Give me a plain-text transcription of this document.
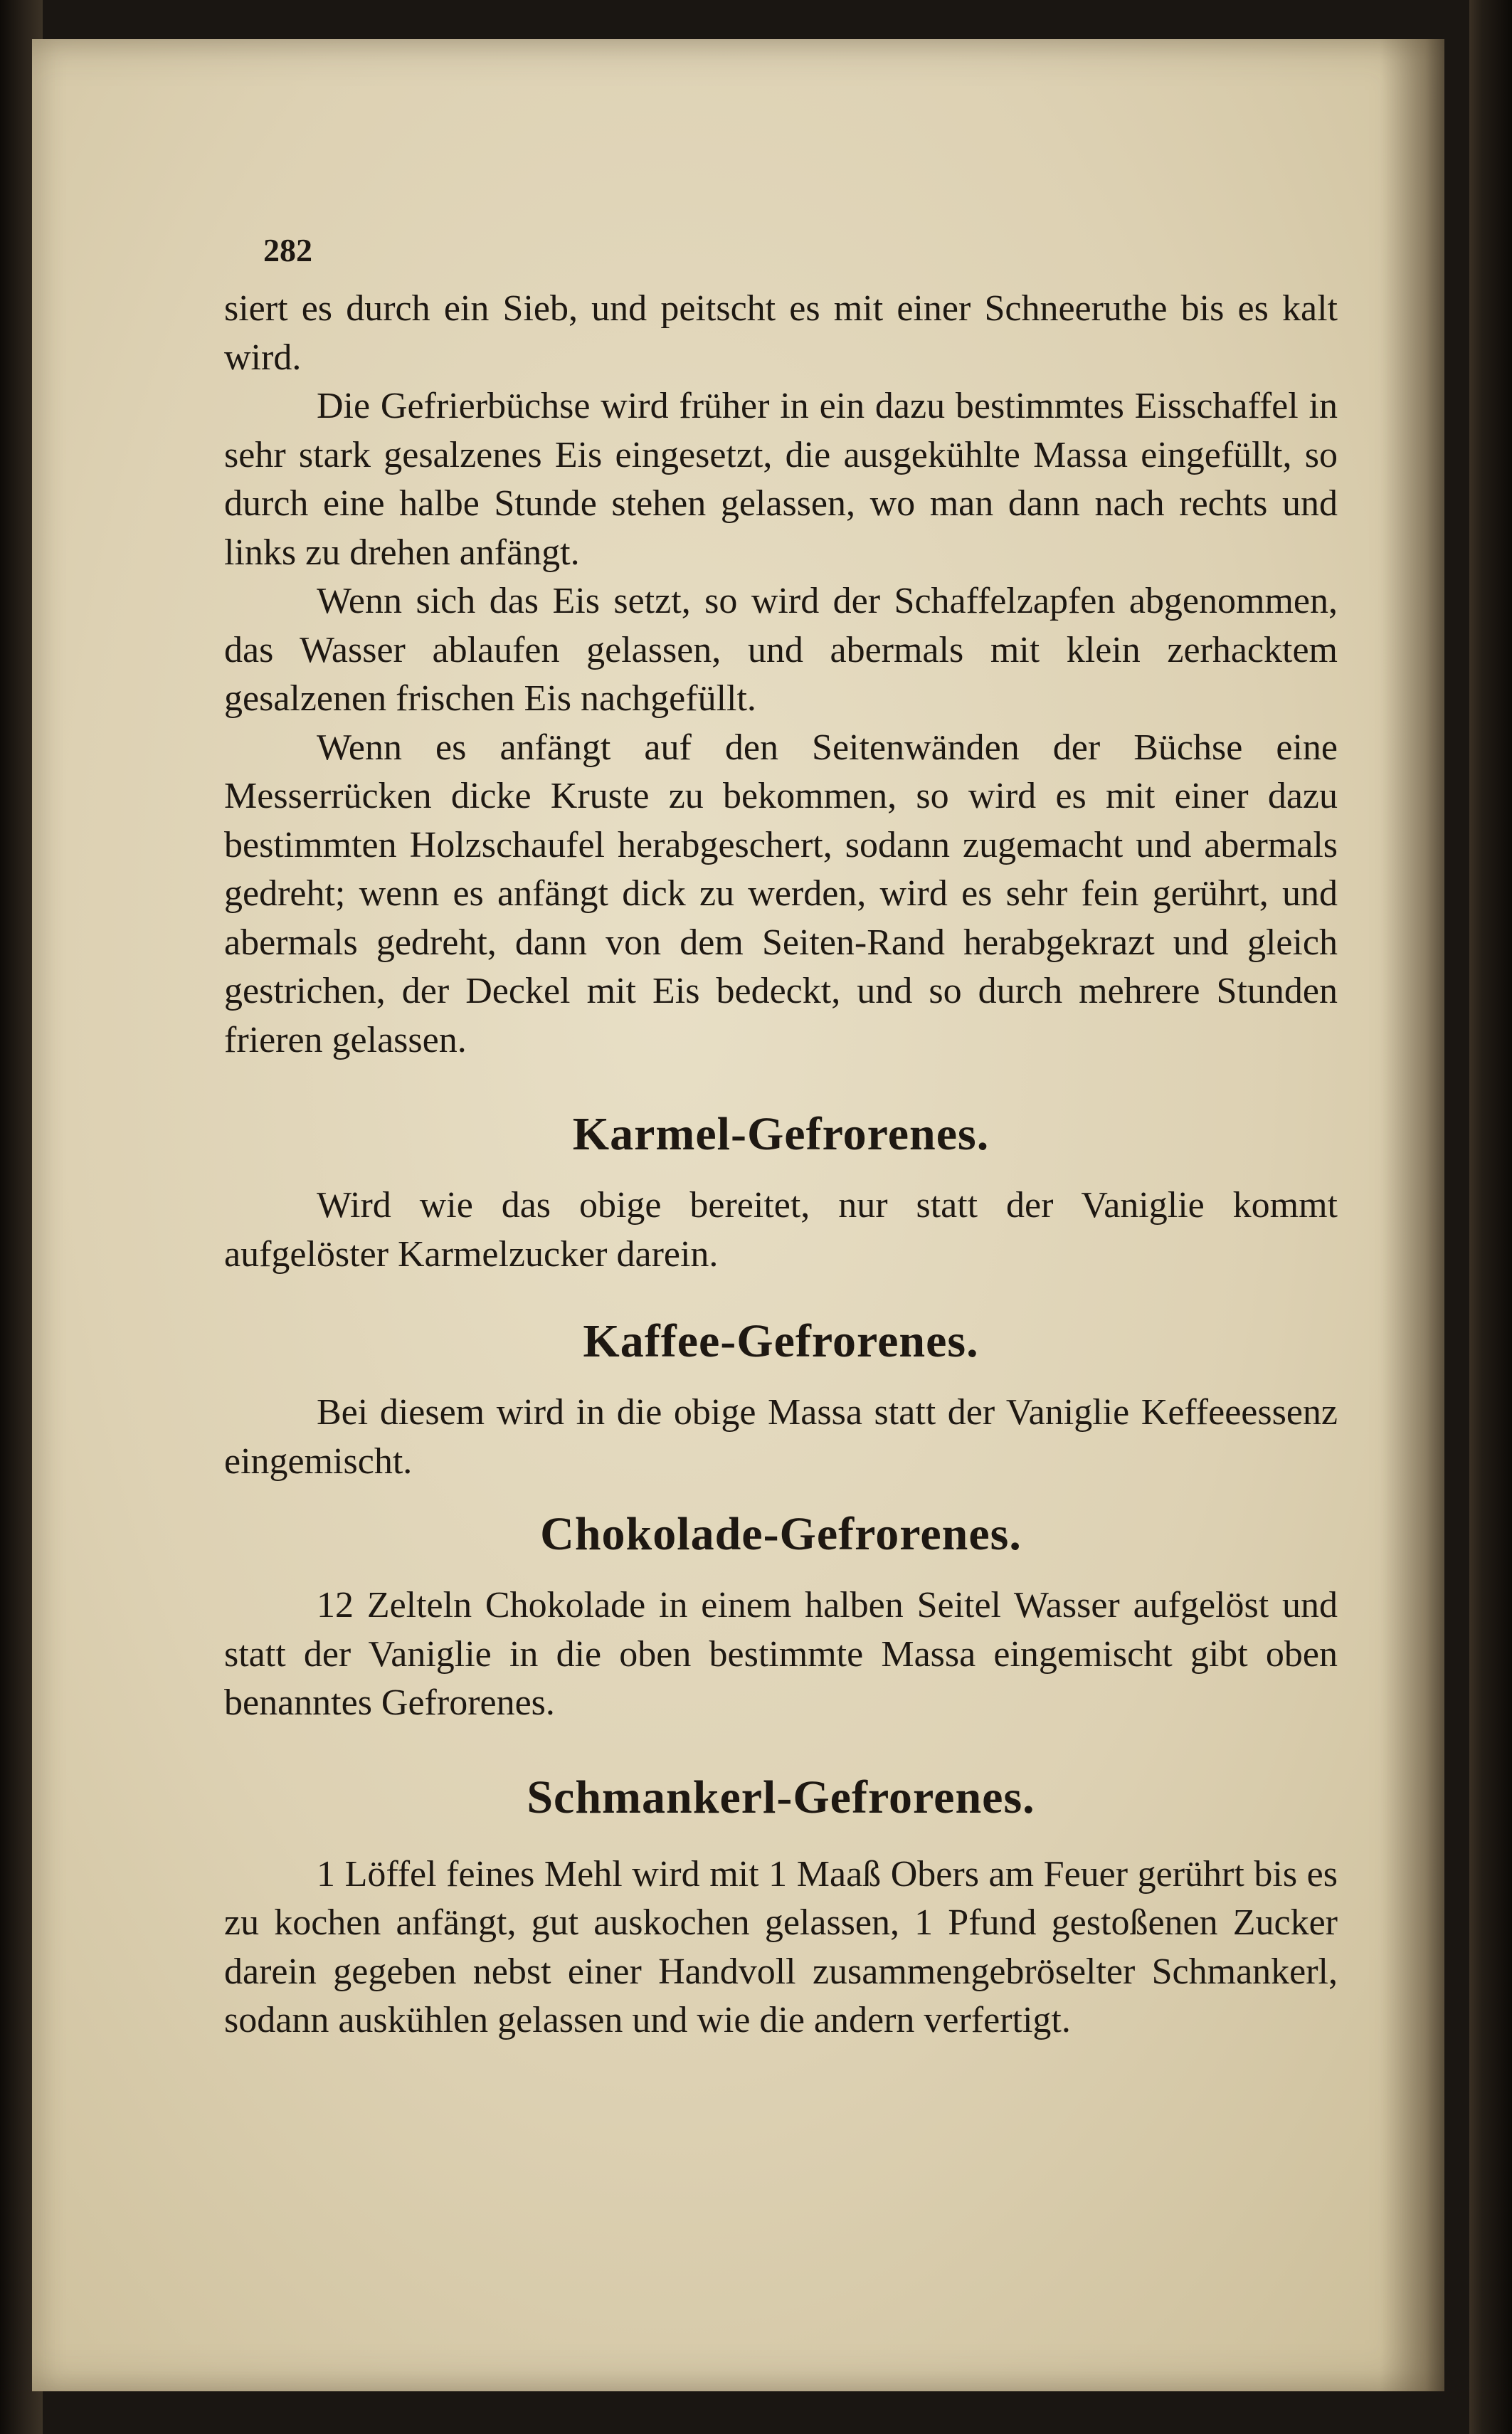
282

siert es durch ein Sieb, und peitscht es mit einer Schneeruthe bis es kalt wird.

Die Gefrierbüchse wird früher in ein dazu bestimmtes Eisschaffel in sehr stark gesalzenes Eis eingesetzt, die ausgekühlte Massa eingefüllt, so durch eine halbe Stunde stehen gelassen, wo man dann nach rechts und links zu drehen anfängt.

Wenn sich das Eis setzt, so wird der Schaffelzapfen abgenommen, das Wasser ablaufen gelassen, und abermals mit klein zerhacktem gesalzenen frischen Eis nachgefüllt.

Wenn es anfängt auf den Seitenwänden der Büchse eine Messerrücken dicke Kruste zu bekommen, so wird es mit einer dazu bestimmten Holzschaufel herabgeschert, sodann zugemacht und abermals gedreht; wenn es anfängt dick zu werden, wird es sehr fein gerührt, und abermals gedreht, dann von dem Seiten-Rand herabgekrazt und gleich gestrichen, der Deckel mit Eis bedeckt, und so durch mehrere Stunden frieren gelassen.

Karmel-Gefrorenes.

Wird wie das obige bereitet, nur statt der Vaniglie kommt aufgelöster Karmelzucker darein.

Kaffee-Gefrorenes.

Bei diesem wird in die obige Massa statt der Vaniglie Keffeeessenz eingemischt.

Chokolade-Gefrorenes.

12 Zelteln Chokolade in einem halben Seitel Wasser aufgelöst und statt der Vaniglie in die oben bestimmte Massa eingemischt gibt oben benanntes Gefrorenes.

Schmankerl-Gefrorenes.

1 Löffel feines Mehl wird mit 1 Maaß Obers am Feuer gerührt bis es zu kochen anfängt, gut auskochen gelassen, 1 Pfund gestoßenen Zucker darein gegeben nebst einer Handvoll zusammengebröselter Schmankerl, sodann auskühlen gelassen und wie die andern verfertigt.
